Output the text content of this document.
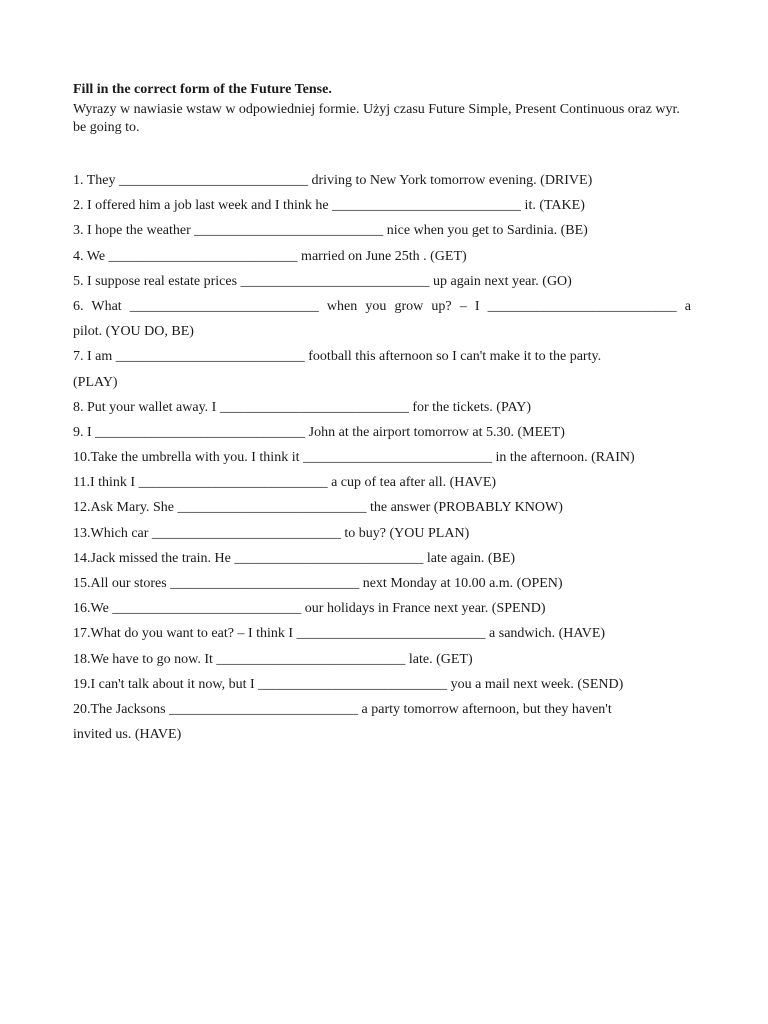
Fill in the correct form of the Future Tense.
Wyrazy w nawiasie wstaw w odpowiedniej formie. Użyj czasu Future Simple, Present Continuous oraz wyr. be going to.
1. They ___________________________ driving to New York tomorrow evening. (DRIVE)
2. I offered him a job last week and I think he ___________________________ it. (TAKE)
3. I hope the weather ___________________________ nice when you get to Sardinia. (BE)
4. We ___________________________ married on June 25th . (GET)
5. I suppose real estate prices ___________________________ up again next year. (GO)
6. What ___________________________ when you grow up? – I ___________________________ a
pilot. (YOU DO, BE)
7. I am ___________________________ football this afternoon so I can't make it to the party.
(PLAY)
8. Put your wallet away. I ___________________________ for the tickets. (PAY)
9. I ______________________________ John at the airport tomorrow at 5.30. (MEET)
10.Take the umbrella with you. I think it ___________________________ in the afternoon. (RAIN)
11.I think I ___________________________ a cup of tea after all. (HAVE)
12.Ask Mary. She ___________________________ the answer (PROBABLY KNOW)
13.Which car ___________________________ to buy? (YOU PLAN)
14.Jack missed the train. He ___________________________ late again. (BE)
15.All our stores ___________________________ next Monday at 10.00 a.m. (OPEN)
16.We ___________________________ our holidays in France next year. (SPEND)
17.What do you want to eat? – I think I ___________________________ a sandwich. (HAVE)
18.We have to go now. It ___________________________ late. (GET)
19.I can't talk about it now, but I ___________________________ you a mail next week. (SEND)
20.The Jacksons ___________________________ a party tomorrow afternoon, but they haven't
invited us. (HAVE)
